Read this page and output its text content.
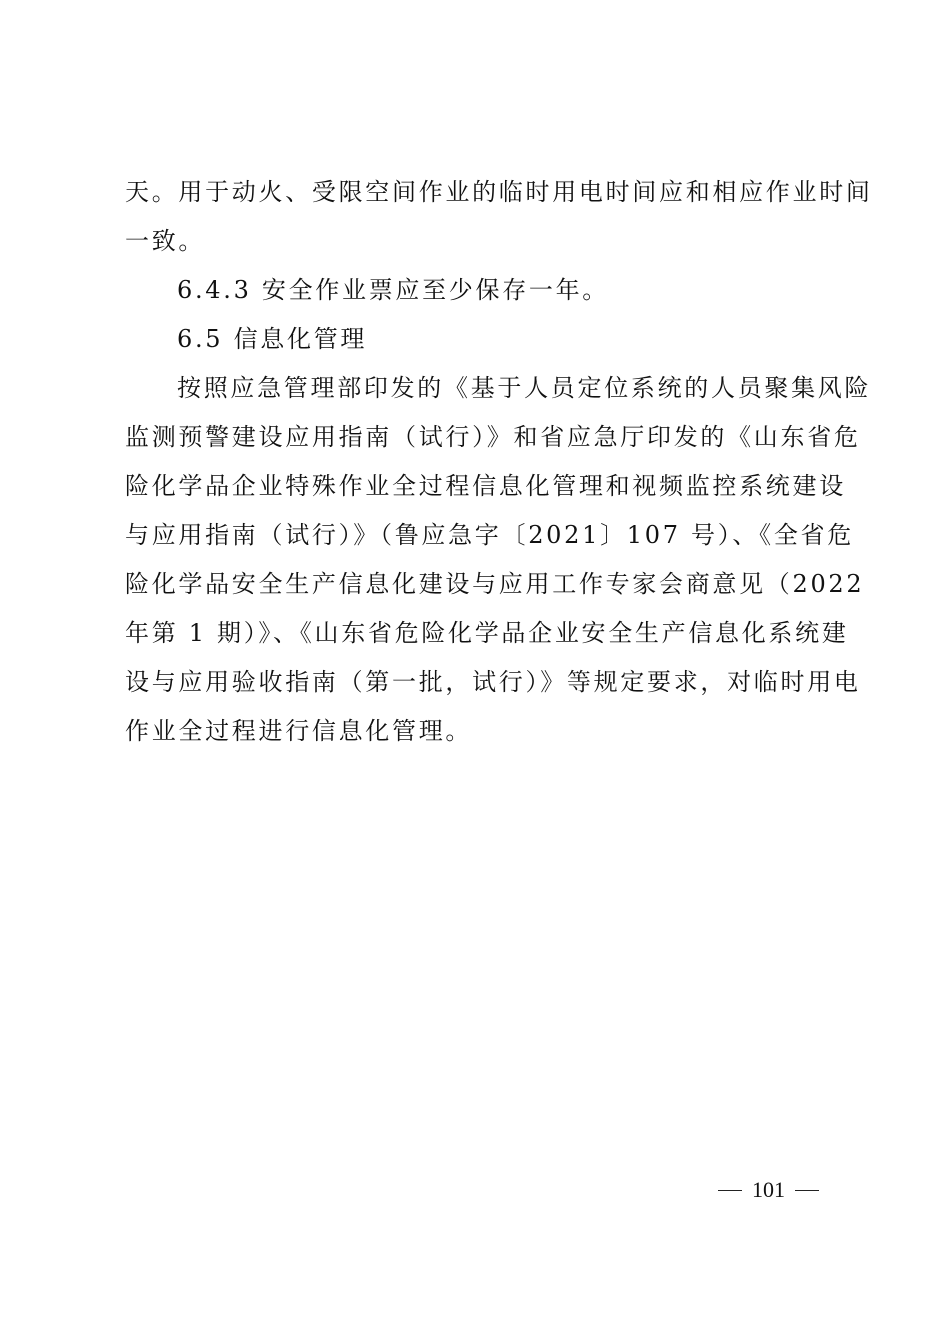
天。用于动火、受限空间作业的临时用电时间应和相应作业时间
一致。
6.4.3 安全作业票应至少保存一年。
6.5 信息化管理
按照应急管理部印发的《基于人员定位系统的人员聚集风险
监测预警建设应用指南（试行）》和省应急厅印发的《山东省危
险化学品企业特殊作业全过程信息化管理和视频监控系统建设
与应用指南（试行）》（鲁应急字〔2021〕107 号）、《全省危
险化学品安全生产信息化建设与应用工作专家会商意见（2022
年第 1 期）》、《山东省危险化学品企业安全生产信息化系统建
设与应用验收指南（第一批，试行）》等规定要求，对临时用电
作业全过程进行信息化管理。
101
